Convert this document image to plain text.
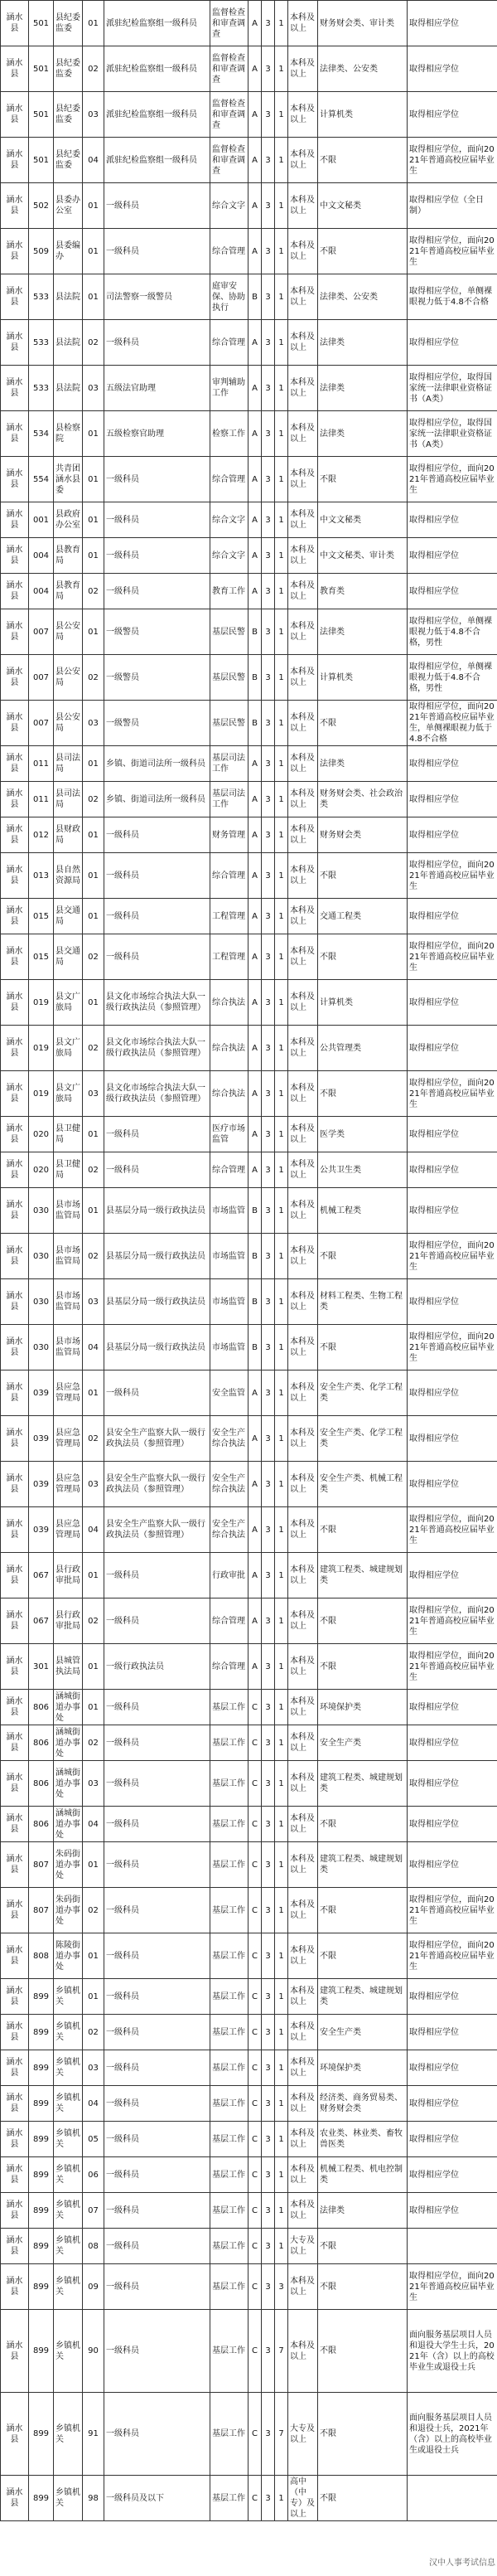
涵水县	501	县纪委监委	01	派驻纪检监察组一级科员	监督检查和审查调查	A	3	1	本科及以上	财务财会类、审计类	取得相应学位
涵水县	501	县纪委监委	02	派驻纪检监察组一级科员	监督检查和审查调查	A	3	1	本科及以上	法律类、公安类	取得相应学位
涵水县	501	县纪委监委	03	派驻纪检监察组一级科员	监督检查和审查调查	A	3	1	本科及以上	计算机类	取得相应学位
涵水县	501	县纪委监委	04	派驻纪检监察组一级科员	监督检查和审查调查	A	3	1	本科及以上	不限	取得相应学位，面向2021年普通高校应届毕业生
涵水县	502	县委办公室	01	一级科员	综合文字	A	3	1	本科及以上	中文文秘类	取得相应学位（全日制）
涵水县	509	县委编办	01	一级科员	综合管理	A	3	1	本科及以上	不限	取得相应学位，面向2021年普通高校应届毕业生
涵水县	533	县法院	01	司法警察一级警员	庭审安保、协助执行	B	3	1	本科及以上	法律类、公安类	取得相应学位，单侧裸眼视力低于4.8不合格
涵水县	533	县法院	02	一级科员	综合管理	A	3	1	本科及以上	法律类	取得相应学位
涵水县	533	县法院	03	五级法官助理	审判辅助工作	A	3	1	本科及以上	法律类	取得相应学位，取得国家统一法律职业资格证书（A类）
涵水县	534	县检察院	01	五级检察官助理	检察工作	A	3	1	本科及以上	法律类	取得相应学位，取得国家统一法律职业资格证书（A类）
涵水县	554	共青团涵水县委	01	一级科员	综合管理	A	3	1	本科及以上	不限	取得相应学位，面向2021年普通高校应届毕业生
涵水县	001	县政府办公室	01	一级科员	综合文字	A	3	1	本科及以上	中文文秘类	取得相应学位
涵水县	004	县教育局	01	一级科员	综合文字	A	3	1	本科及以上	中文文秘类、审计类	取得相应学位
涵水县	004	县教育局	02	一级科员	教育工作	A	3	1	本科及以上	教育类	取得相应学位
涵水县	007	县公安局	01	一级警员	基层民警	B	3	1	本科及以上	法律类	取得相应学位，单侧裸眼视力低于4.8不合格，男性
涵水县	007	县公安局	02	一级警员	基层民警	B	3	1	本科及以上	计算机类	取得相应学位，单侧裸眼视力低于4.8不合格，男性
涵水县	007	县公安局	03	一级警员	基层民警	B	3	1	本科及以上	不限	取得相应学位，面向2021年普通高校应届毕业生，单侧裸眼视力低于4.8不合格
涵水县	011	县司法局	01	乡镇、街道司法所一级科员	基层司法工作	A	3	1	本科及以上	法律类	取得相应学位
涵水县	011	县司法局	02	乡镇、街道司法所一级科员	基层司法工作	A	3	1	本科及以上	财务财会类、社会政治类	取得相应学位
涵水县	012	县财政局	01	一级科员	财务管理	A	3	1	本科及以上	财务财会类	取得相应学位
涵水县	013	县自然资源局	01	一级科员	综合管理	A	3	1	本科及以上	不限	取得相应学位，面向2021年普通高校应届毕业生
涵水县	015	县交通局	01	一级科员	工程管理	A	3	1	本科及以上	交通工程类	取得相应学位
涵水县	015	县交通局	02	一级科员	工程管理	A	3	1	本科及以上	不限	取得相应学位，面向2021年普通高校应届毕业生
涵水县	019	县文广旅局	01	县文化市场综合执法大队一级行政执法员（参照管理）	综合执法	A	3	1	本科及以上	计算机类	取得相应学位
涵水县	019	县文广旅局	02	县文化市场综合执法大队一级行政执法员（参照管理）	综合执法	A	3	1	本科及以上	公共管理类	取得相应学位
涵水县	019	县文广旅局	03	县文化市场综合执法大队一级行政执法员（参照管理）	综合执法	A	3	1	本科及以上	不限	取得相应学位，面向2021年普通高校应届毕业生
涵水县	020	县卫健局	01	一级科员	医疗市场监管	A	3	1	本科及以上	医学类	取得相应学位
涵水县	020	县卫健局	02	一级科员	综合管理	A	3	1	本科及以上	公共卫生类	取得相应学位
涵水县	030	县市场监管局	01	县基层分局一级行政执法员	市场监管	B	3	1	本科及以上	机械工程类	取得相应学位
涵水县	030	县市场监管局	02	县基层分局一级行政执法员	市场监管	B	3	1	本科及以上	不限	取得相应学位，面向2021年普通高校应届毕业生
涵水县	030	县市场监管局	03	县基层分局一级行政执法员	市场监管	B	3	1	本科及以上	材料工程类、生物工程类	取得相应学位
涵水县	030	县市场监管局	04	县基层分局一级行政执法员	市场监管	B	3	1	本科及以上	不限	取得相应学位，面向2021年普通高校应届毕业生
涵水县	039	县应急管理局	01	一级科员	安全监管	A	3	1	本科及以上	安全生产类、化学工程类	取得相应学位
涵水县	039	县应急管理局	02	县安全生产监察大队一级行政执法员（参照管理）	安全生产综合执法	A	3	1	本科及以上	安全生产类、化学工程类	取得相应学位
涵水县	039	县应急管理局	03	县安全生产监察大队一级行政执法员（参照管理）	安全生产综合执法	A	3	1	本科及以上	安全生产类、机械工程类	取得相应学位
涵水县	039	县应急管理局	04	县安全生产监察大队一级行政执法员（参照管理）	安全生产综合执法	A	3	1	本科及以上	不限	取得相应学位，面向2021年普通高校应届毕业生
涵水县	067	县行政审批局	01	一级科员	行政审批	A	3	1	本科及以上	建筑工程类、城建规划类	取得相应学位
涵水县	067	县行政审批局	02	一级科员	综合管理	A	3	1	本科及以上	不限	取得相应学位，面向2021年普通高校应届毕业生
涵水县	301	县城管执法局	01	一级行政执法员	综合管理	A	3	1	本科及以上	不限	取得相应学位，面向2021年普通高校应届毕业生
涵水县	806	涵城街道办事处	01	一级科员	基层工作	C	3	1	本科及以上	环境保护类	取得相应学位
涵水县	806	涵城街道办事处	02	一级科员	基层工作	C	3	1	本科及以上	安全生产类	取得相应学位
涵水县	806	涵城街道办事处	03	一级科员	基层工作	C	3	1	本科及以上	建筑工程类、城建规划类	取得相应学位
涵水县	806	涵城街道办事处	04	一级科员	基层工作	C	3	1	本科及以上	不限	取得相应学位
涵水县	807	朱码街道办事处	01	一级科员	基层工作	C	3	1	本科及以上	建筑工程类、城建规划类	取得相应学位
涵水县	807	朱码街道办事处	02	一级科员	基层工作	C	3	1	本科及以上	不限	取得相应学位，面向2021年普通高校应届毕业生
涵水县	808	陈陵街道办事处	01	一级科员	基层工作	C	3	1	本科及以上	不限	取得相应学位，面向2021年普通高校应届毕业生
涵水县	899	乡镇机关	01	一级科员	基层工作	C	3	1	本科及以上	建筑工程类、城建规划类	取得相应学位
涵水县	899	乡镇机关	02	一级科员	基层工作	C	3	1	本科及以上	安全生产类	取得相应学位
涵水县	899	乡镇机关	03	一级科员	基层工作	C	3	1	本科及以上	环境保护类	取得相应学位
涵水县	899	乡镇机关	04	一级科员	基层工作	C	3	1	本科及以上	经济类、商务贸易类、财务财会类	取得相应学位
涵水县	899	乡镇机关	05	一级科员	基层工作	C	3	1	本科及以上	农业类、林业类、畜牧兽医类	取得相应学位
涵水县	899	乡镇机关	06	一级科员	基层工作	C	3	1	本科及以上	机械工程类、机电控制类	取得相应学位
涵水县	899	乡镇机关	07	一级科员	基层工作	C	3	1	本科及以上	法律类	取得相应学位
涵水县	899	乡镇机关	08	一级科员	基层工作	C	3	1	大专及以上	不限	
涵水县	899	乡镇机关	09	一级科员	基层工作	C	3	3	本科及以上	不限	取得相应学位，面向2021年普通高校应届毕业生
涵水县	899	乡镇机关	90	一级科员	基层工作	C	3	7	本科及以上	不限	面向服务基层项目人员和退役大学生士兵，2021年（含）以上的高校毕业生或退役士兵
涵水县	899	乡镇机关	91	一级科员	基层工作	C	3	7	大专及以上	不限	面向服务基层项目人员和退役士兵，2021年（含）以上的高校毕业生或退役士兵
涵水县	899	乡镇机关	98	一级科员及以下	基层工作	C	3	1	高中（中专）及以上	不限	
汉中人事考试信息
